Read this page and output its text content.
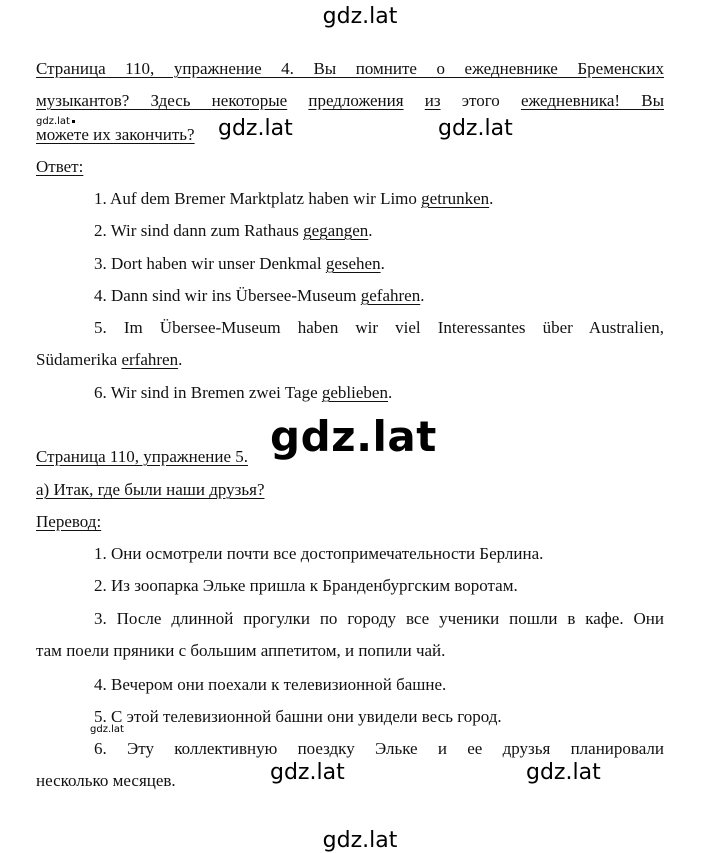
gdz.lat
gdz.lat	gdz.lat
gdz.lat
gdz.lat
gdz.lat
gdz.lat	gdz.lat
gdz.lat
Страница 110, упражнение 4. Вы помните о ежедневнике Бременских
музыкантов? Здесь некоторые предложения из этого ежедневника! Вы
можете их закончить?
Ответ:
1. Auf dem Bremer Marktplatz haben wir Limo getrunken.
2. Wir sind dann zum Rathaus gegangen.
3. Dort haben wir unser Denkmal gesehen.
4. Dann sind wir ins Übersee-Museum gefahren.
5. Im Übersee-Museum haben wir viel Interessantes über Australien,
Südamerika erfahren.
6. Wir sind in Bremen zwei Tage geblieben.
Страница 110, упражнение 5.
а) Итак, где были наши друзья?
Перевод:
1. Они осмотрели почти все достопримечательности Берлина.
2. Из зоопарка Эльке пришла к Бранденбургским воротам.
3. После длинной прогулки по городу все ученики пошли в кафе. Они
там поели пряники с большим аппетитом, и попили чай.
4. Вечером они поехали к телевизионной башне.
5. С этой телевизионной башни они увидели весь город.
6. Эту коллективную поездку Эльке и ее друзья планировали
несколько месяцев.
